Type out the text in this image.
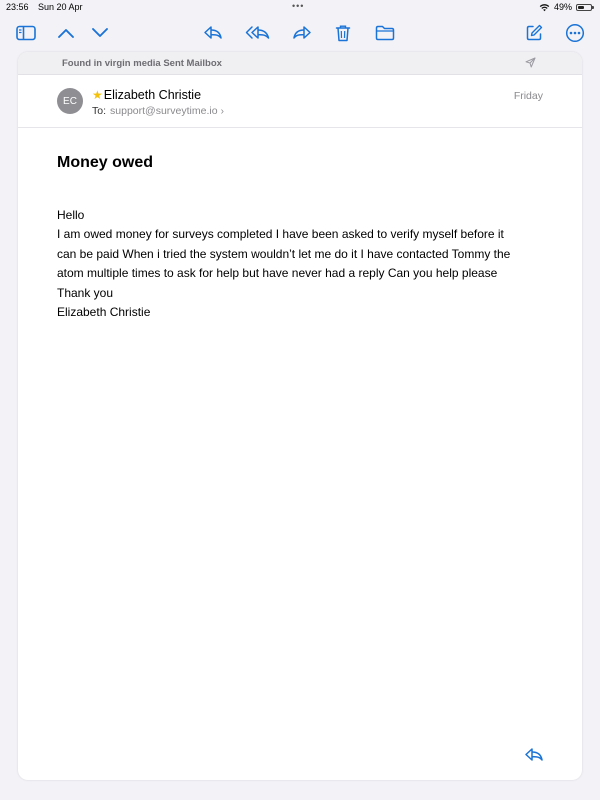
23:56 Sun 20 Apr	•••	49%
Found in virgin media Sent Mailbox
EC	★ Elizabeth Christie
To: support@surveytime.io ›
Friday
Money owed
Hello
I am owed money for surveys completed I have been asked to verify myself before it
can be paid When i tried the system wouldn’t let me do it I have contacted Tommy the
atom multiple times to ask for help but have never had a reply Can you help please
Thank you
Elizabeth Christie
